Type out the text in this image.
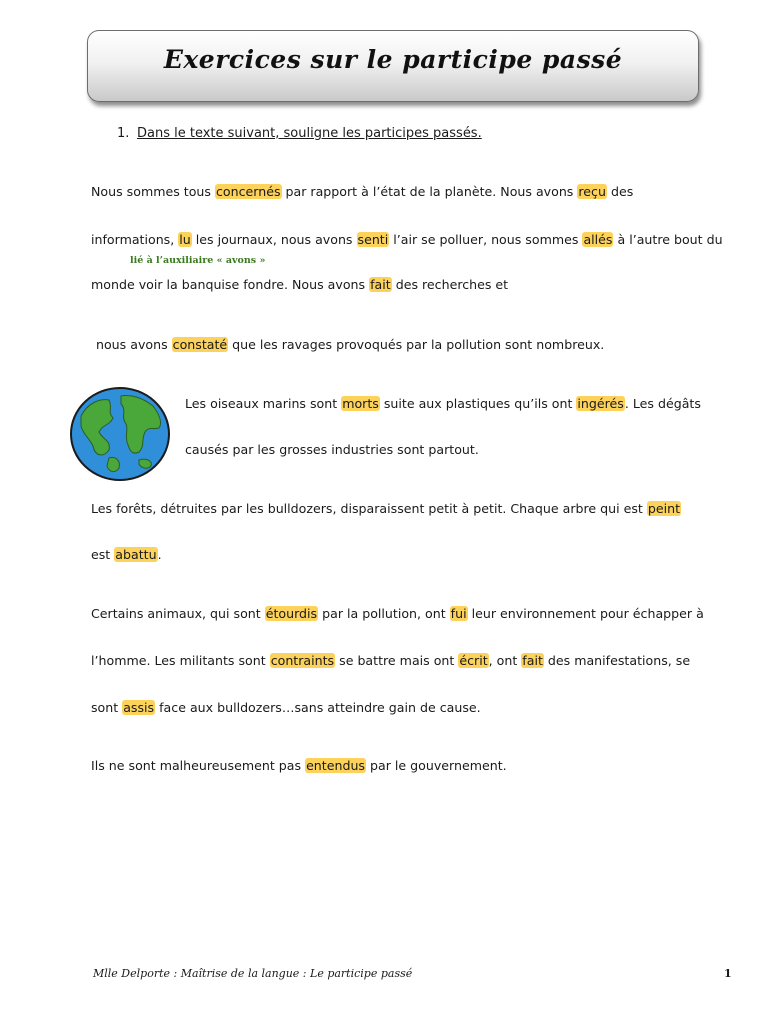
Exercices sur le participe passé
1. Dans le texte suivant, souligne les participes passés.
Nous sommes tous concernés par rapport à l’état de la planète. Nous avons reçu des
informations, lu les journaux, nous avons senti l’air se polluer, nous sommes allés à l’autre bout du
lié à l’auxiliaire « avons »
monde voir la banquise fondre. Nous avons fait des recherches et
nous avons constaté que les ravages provoqués par la pollution sont nombreux.
Les oiseaux marins sont morts suite aux plastiques qu’ils ont ingérés. Les dégâts
causés par les grosses industries sont partout.
Les forêts, détruites par les bulldozers, disparaissent petit à petit. Chaque arbre qui est peint
est abattu.
Certains animaux, qui sont étourdis par la pollution, ont fui leur environnement pour échapper à
l’homme. Les militants sont contraints se battre mais ont écrit, ont fait des manifestations, se
sont assis face aux bulldozers…sans atteindre gain de cause.
Ils ne sont malheureusement pas entendus par le gouvernement.
Mlle Delporte : Maîtrise de la langue : Le participe passé	1
